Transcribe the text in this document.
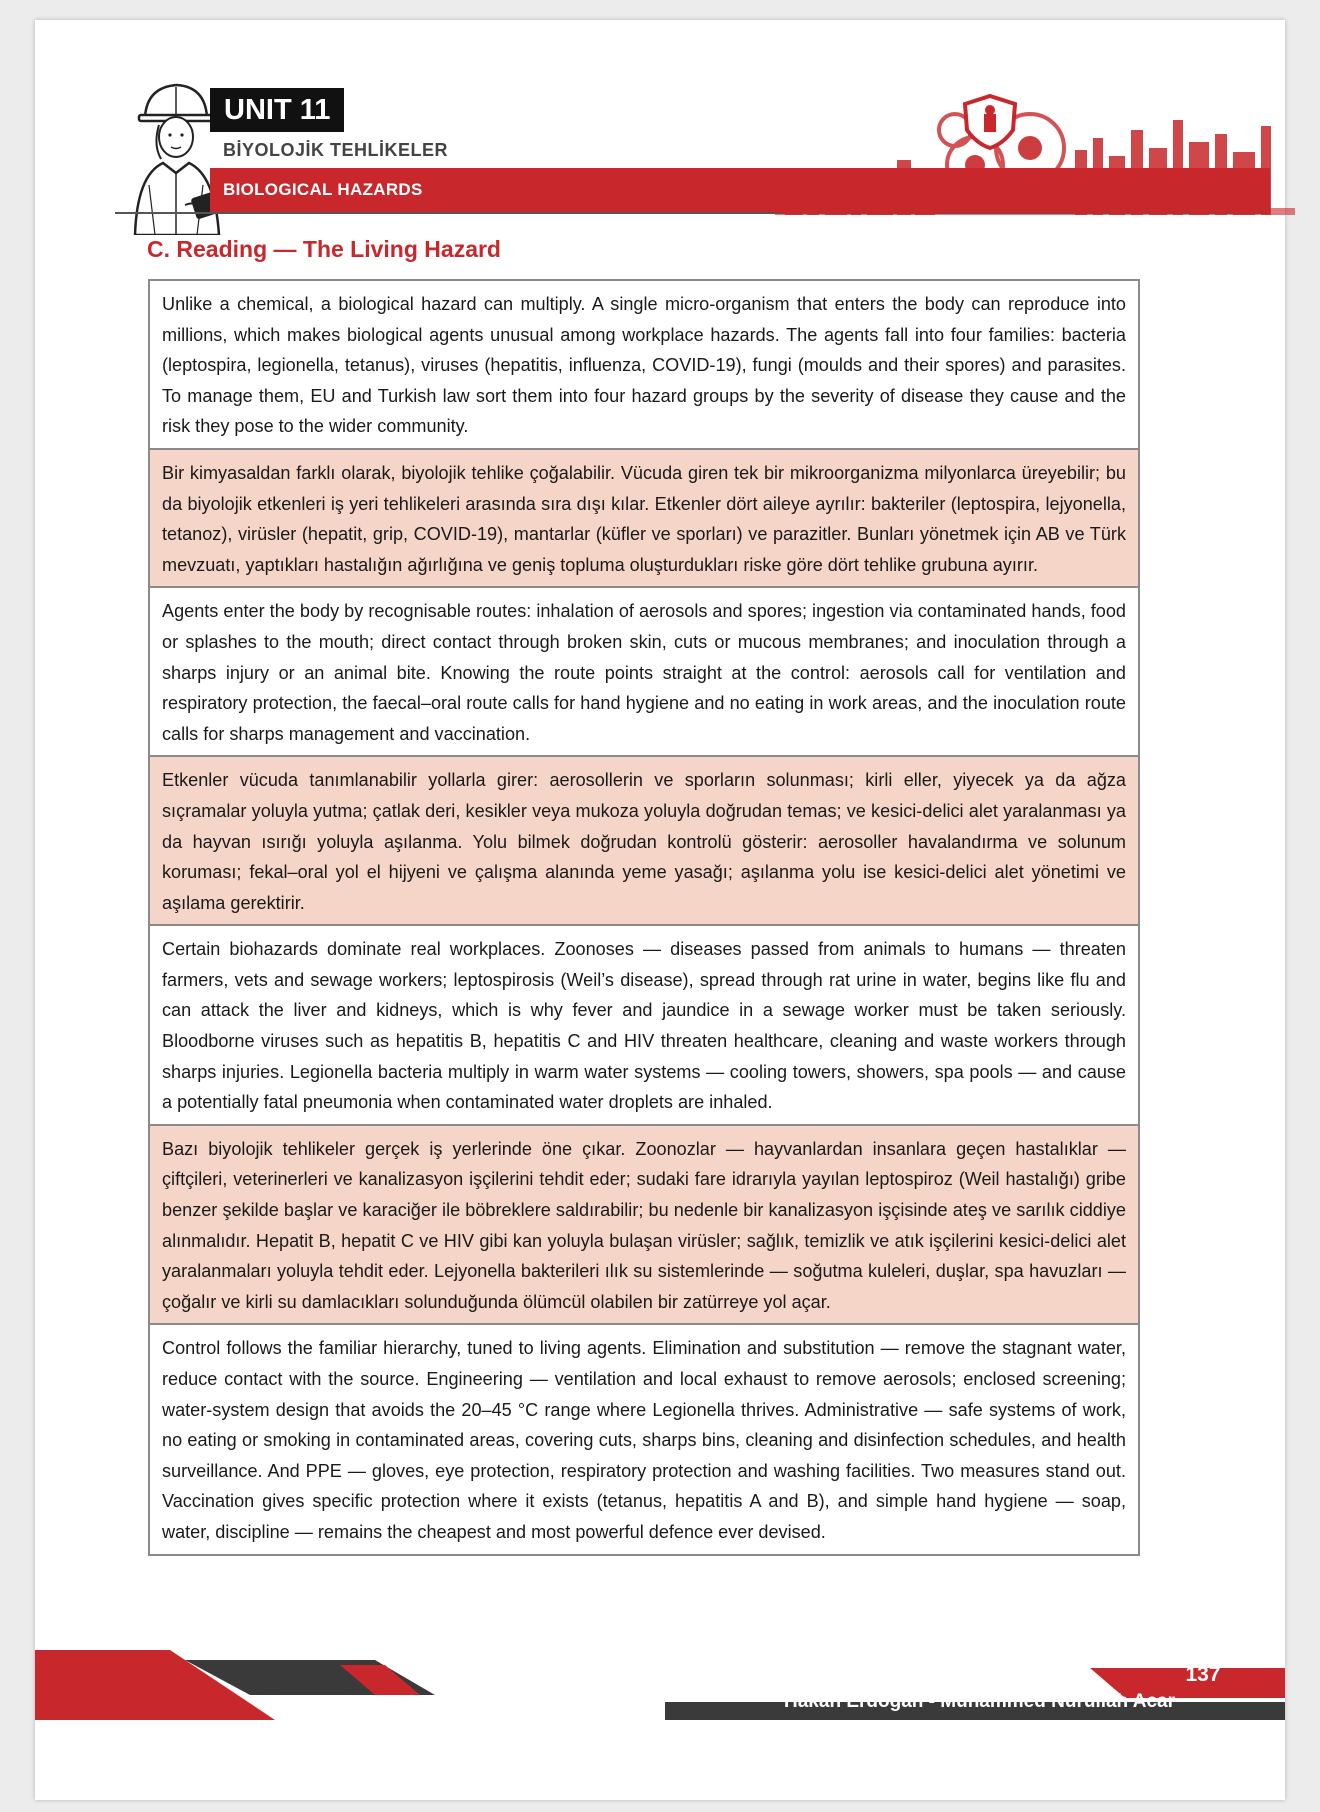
UNIT 11
BİYOLOJİK TEHLİKELER
BIOLOGICAL HAZARDS
C. Reading — The Living Hazard
Unlike a chemical, a biological hazard can multiply. A single micro-organism that enters the body can reproduce into millions, which makes biological agents unusual among workplace hazards. The agents fall into four families: bacteria (leptospira, legionella, tetanus), viruses (hepatitis, influenza, COVID-19), fungi (moulds and their spores) and parasites. To manage them, EU and Turkish law sort them into four hazard groups by the severity of disease they cause and the risk they pose to the wider community.
Bir kimyasaldan farklı olarak, biyolojik tehlike çoğalabilir. Vücuda giren tek bir mikroorganizma milyonlarca üreyebilir; bu da biyolojik etkenleri iş yeri tehlikeleri arasında sıra dışı kılar. Etkenler dört aileye ayrılır: bakteriler (leptospira, lejyonella, tetanoz), virüsler (hepatit, grip, COVID-19), mantarlar (küfler ve sporları) ve parazitler. Bunları yönetmek için AB ve Türk mevzuatı, yaptıkları hastalığın ağırlığına ve geniş topluma oluşturdukları riske göre dört tehlike grubuna ayırır.
Agents enter the body by recognisable routes: inhalation of aerosols and spores; ingestion via contaminated hands, food or splashes to the mouth; direct contact through broken skin, cuts or mucous membranes; and inoculation through a sharps injury or an animal bite. Knowing the route points straight at the control: aerosols call for ventilation and respiratory protection, the faecal–oral route calls for hand hygiene and no eating in work areas, and the inoculation route calls for sharps management and vaccination.
Etkenler vücuda tanımlanabilir yollarla girer: aerosollerin ve sporların solunması; kirli eller, yiyecek ya da ağza sıçramalar yoluyla yutma; çatlak deri, kesikler veya mukoza yoluyla doğrudan temas; ve kesici-delici alet yaralanması ya da hayvan ısırığı yoluyla aşılanma. Yolu bilmek doğrudan kontrolü gösterir: aerosoller havalandırma ve solunum koruması; fekal–oral yol el hijyeni ve çalışma alanında yeme yasağı; aşılanma yolu ise kesici-delici alet yönetimi ve aşılama gerektirir.
Certain biohazards dominate real workplaces. Zoonoses — diseases passed from animals to humans — threaten farmers, vets and sewage workers; leptospirosis (Weil’s disease), spread through rat urine in water, begins like flu and can attack the liver and kidneys, which is why fever and jaundice in a sewage worker must be taken seriously. Bloodborne viruses such as hepatitis B, hepatitis C and HIV threaten healthcare, cleaning and waste workers through sharps injuries. Legionella bacteria multiply in warm water systems — cooling towers, showers, spa pools — and cause a potentially fatal pneumonia when contaminated water droplets are inhaled.
Bazı biyolojik tehlikeler gerçek iş yerlerinde öne çıkar. Zoonozlar — hayvanlardan insanlara geçen hastalıklar — çiftçileri, veterinerleri ve kanalizasyon işçilerini tehdit eder; sudaki fare idrarıyla yayılan leptospiroz (Weil hastalığı) gribe benzer şekilde başlar ve karaciğer ile böbreklere saldırabilir; bu nedenle bir kanalizasyon işçisinde ateş ve sarılık ciddiye alınmalıdır. Hepatit B, hepatit C ve HIV gibi kan yoluyla bulaşan virüsler; sağlık, temizlik ve atık işçilerini kesici-delici alet yaralanmaları yoluyla tehdit eder. Lejyonella bakterileri ılık su sistemlerinde — soğutma kuleleri, duşlar, spa havuzları — çoğalır ve kirli su damlacıkları solunduğunda ölümcül olabilen bir zatürreye yol açar.
Control follows the familiar hierarchy, tuned to living agents. Elimination and substitution — remove the stagnant water, reduce contact with the source. Engineering — ventilation and local exhaust to remove aerosols; enclosed screening; water-system design that avoids the 20–45 °C range where Legionella thrives. Administrative — safe systems of work, no eating or smoking in contaminated areas, covering cuts, sharps bins, cleaning and disinfection schedules, and health surveillance. And PPE — gloves, eye protection, respiratory protection and washing facilities. Two measures stand out. Vaccination gives specific protection where it exists (tetanus, hepatitis A and B), and simple hand hygiene — soap, water, discipline — remains the cheapest and most powerful defence ever devised.
137
Hakan Erdoğan - Muhammed Nurullah Acar
